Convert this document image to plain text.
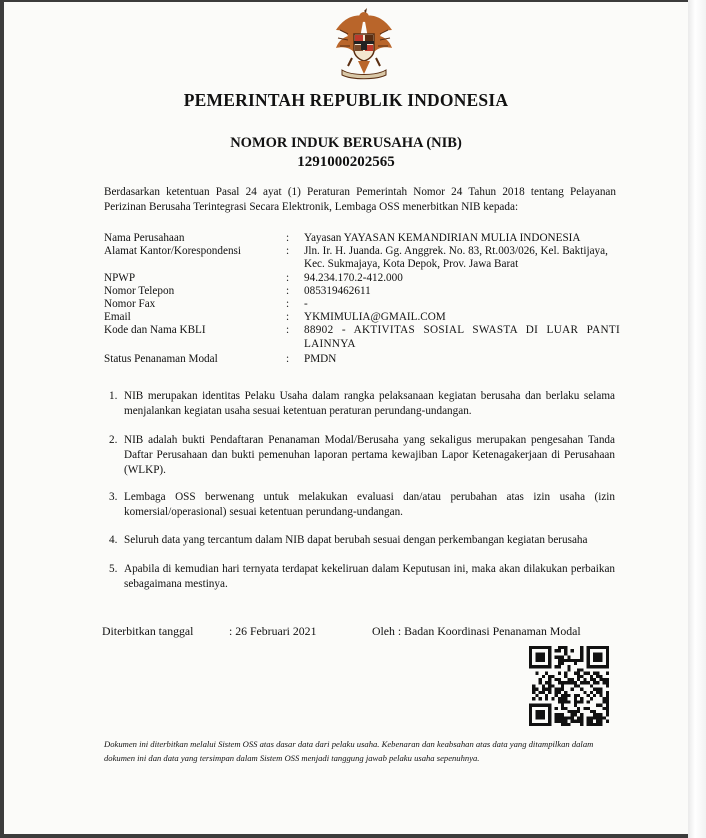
PEMERINTAH REPUBLIK INDONESIA
NOMOR INDUK BERUSAHA (NIB)
1291000202565
Berdasarkan ketentuan Pasal 24 ayat (1) Peraturan Pemerintah Nomor 24 Tahun 2018 tentang Pelayanan Perizinan Berusaha Terintegrasi Secara Elektronik, Lembaga OSS menerbitkan NIB kepada:
Nama Perusahaan	:	Yayasan YAYASAN KEMANDIRIAN MULIA INDONESIA
Alamat Kantor/Korespondensi	:	Jln. Ir. H. Juanda. Gg. Anggrek. No. 83, Rt.003/026, Kel. Baktijaya, Kec. Sukmajaya, Kota Depok, Prov. Jawa Barat
NPWP	:	94.234.170.2-412.000
Nomor Telepon	:	085319462611
Nomor Fax	:	-
Email	:	YKMIMULIA@GMAIL.COM
Kode dan Nama KBLI	:	88902 - AKTIVITAS SOSIAL SWASTA DI LUAR PANTI LAINNYA
Status Penanaman Modal	:	PMDN
1. NIB merupakan identitas Pelaku Usaha dalam rangka pelaksanaan kegiatan berusaha dan berlaku selama menjalankan kegiatan usaha sesuai ketentuan peraturan perundang-undangan.
2. NIB adalah bukti Pendaftaran Penanaman Modal/Berusaha yang sekaligus merupakan pengesahan Tanda Daftar Perusahaan dan bukti pemenuhan laporan pertama kewajiban Lapor Ketenagakerjaan di Perusahaan (WLKP).
3. Lembaga OSS berwenang untuk melakukan evaluasi dan/atau perubahan atas izin usaha (izin komersial/operasional) sesuai ketentuan perundang-undangan.
4. Seluruh data yang tercantum dalam NIB dapat berubah sesuai dengan perkembangan kegiatan berusaha
5. Apabila di kemudian hari ternyata terdapat kekeliruan dalam Keputusan ini, maka akan dilakukan perbaikan sebagaimana mestinya.
Diterbitkan tanggal	: 26 Februari 2021	Oleh : Badan Koordinasi Penanaman Modal
Dokumen ini diterbitkan melalui Sistem OSS atas dasar data dari pelaku usaha. Kebenaran dan keabsahan atas data yang ditampilkan dalam dokumen ini dan data yang tersimpan dalam Sistem OSS menjadi tanggung jawab pelaku usaha sepenuhnya.
